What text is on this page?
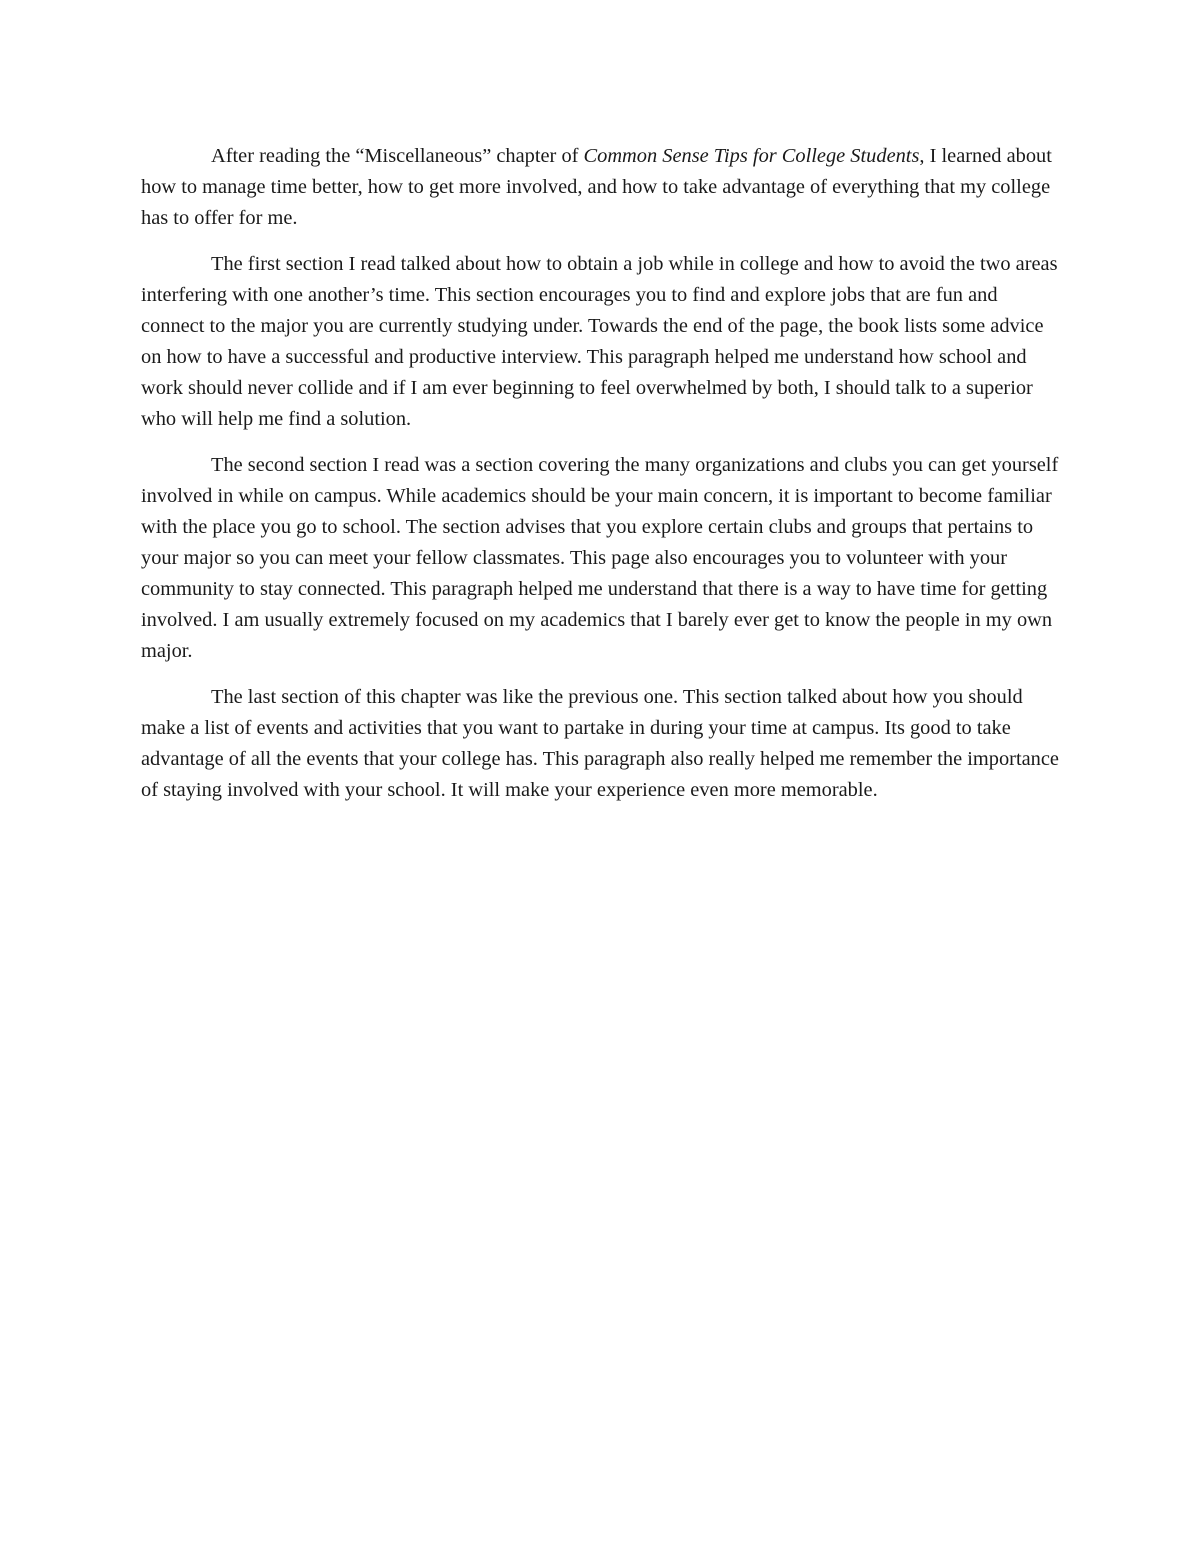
After reading the “Miscellaneous” chapter of Common Sense Tips for College Students, I learned about how to manage time better, how to get more involved, and how to take advantage of everything that my college has to offer for me.

The first section I read talked about how to obtain a job while in college and how to avoid the two areas interfering with one another’s time. This section encourages you to find and explore jobs that are fun and connect to the major you are currently studying under. Towards the end of the page, the book lists some advice on how to have a successful and productive interview. This paragraph helped me understand how school and work should never collide and if I am ever beginning to feel overwhelmed by both, I should talk to a superior who will help me find a solution.

The second section I read was a section covering the many organizations and clubs you can get yourself involved in while on campus. While academics should be your main concern, it is important to become familiar with the place you go to school. The section advises that you explore certain clubs and groups that pertains to your major so you can meet your fellow classmates. This page also encourages you to volunteer with your community to stay connected. This paragraph helped me understand that there is a way to have time for getting involved. I am usually extremely focused on my academics that I barely ever get to know the people in my own major.

The last section of this chapter was like the previous one. This section talked about how you should make a list of events and activities that you want to partake in during your time at campus. Its good to take advantage of all the events that your college has. This paragraph also really helped me remember the importance of staying involved with your school. It will make your experience even more memorable.
